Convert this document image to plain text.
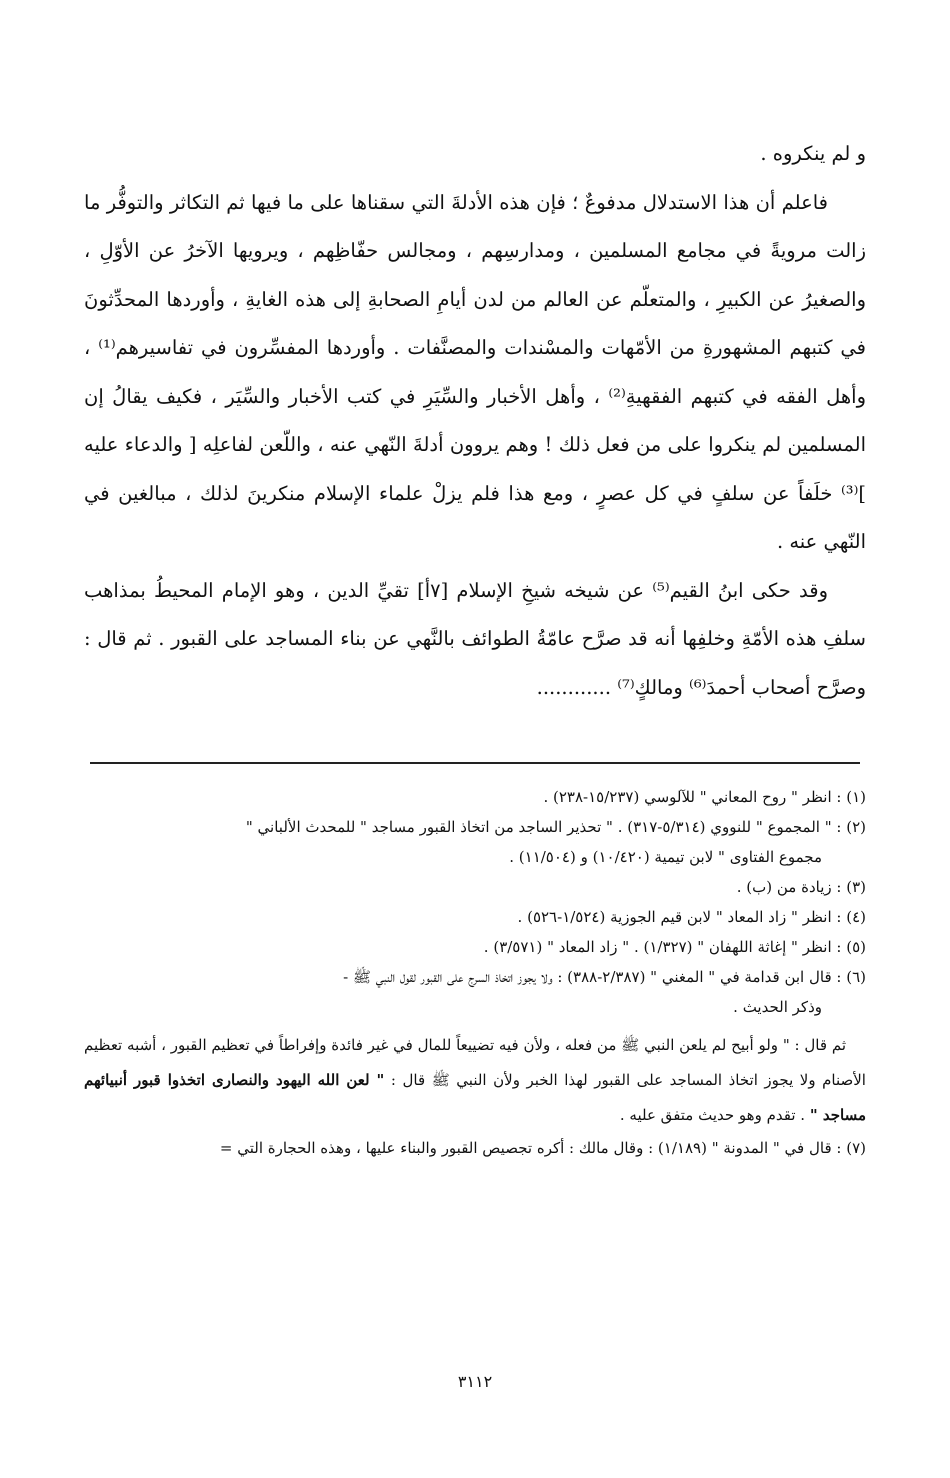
و لم ينكروه .

فاعلم أن هذا الاستدلال مدفوعٌ ؛ فإن هذه الأدلةَ التي سقناها على ما فيها ثم التكاثر والتوفُّر ما زالت مرويةً في مجامع المسلمين ، ومدارسِهم ، ومجالس حفّاظِهم ، ويرويها الآخرُ عن الأوّلِ ، والصغيرُ عن الكبيرِ ، والمتعلّم عن العالم من لدن أيامِ الصحابةِ إلى هذه الغايةِ ، وأوردها المحدِّثونَ في كتبهم المشهورةِ من الأمّهات والمسْندات والمصنَّفات . وأوردها المفسِّرون في تفاسيرهم⁽¹⁾ ، وأهل الفقه في كتبهم الفقهيةِ⁽²⁾ ، وأهل الأخبار والسِّيَرِ في كتب الأخبار والسِّيَر ، فكيف يقالُ إن المسلمين لم ينكروا على من فعل ذلك ! وهم يروون أدلةَ النّهي عنه ، واللّعن لفاعلِه [ والدعاء عليه ]⁽³⁾ خلَفاً عن سلفٍ في كل عصرٍ ، ومع هذا فلم يزلْ علماء الإسلام منكرينَ لذلك ، مبالغين في النّهي عنه .

وقد حكى ابنُ القيم⁽⁵⁾ عن شيخه شيخِ الإسلام [٧أ] تقيِّ الدين ، وهو الإمام المحيطُ بمذاهب سلفِ هذه الأمّةِ وخلفِها أنه قد صرَّح عامّةُ الطوائف بالنَّهي عن بناء المساجد على القبور . ثم قال : وصرَّح أصحاب أحمدَ⁽⁶⁾ ومالكٍ⁽⁷⁾ ............

(١) : انظر " روح المعاني " للآلوسي (١٥/٢٣٧-٢٣٨) .

(٢) : " المجموع " للنووي (٥/٣١٤-٣١٧) . " تحذير الساجد من اتخاذ القبور مساجد " للمحدث الألباني "

مجموع الفتاوى " لابن تيمية (١٠/٤٢٠) و (١١/٥٠٤) .

(٣) : زيادة من (ب) .

(٤) : انظر " زاد المعاد " لابن قيم الجوزية (١/٥٢٤-٥٢٦) .

(٥) : انظر " إغاثة اللهفان " (١/٣٢٧) . " زاد المعاد " (٣/٥٧١) .

(٦) : قال ابن قدامة في " المغني " (٢/٣٨٧-٣٨٨) : ولا يجوز اتخاذ السرج على القبور لقول النبي ﷺ -

وذكر الحديث .

ثم قال : " ولو أبيح لم يلعن النبي ﷺ من فعله ، ولأن فيه تضييعاً للمال في غير فائدة وإفراطاً في تعظيم القبور ، أشبه تعظيم الأصنام ولا يجوز اتخاذ المساجد على القبور لهذا الخبر ولأن النبي ﷺ قال : " لعن الله اليهود والنصارى اتخذوا قبور أنبيائهم مساجد " . تقدم وهو حديث متفق عليه .

(٧) : قال في " المدونة " (١/١٨٩) : وقال مالك : أكره تجصيص القبور والبناء عليها ، وهذه الحجارة التي =

٣١١٢
